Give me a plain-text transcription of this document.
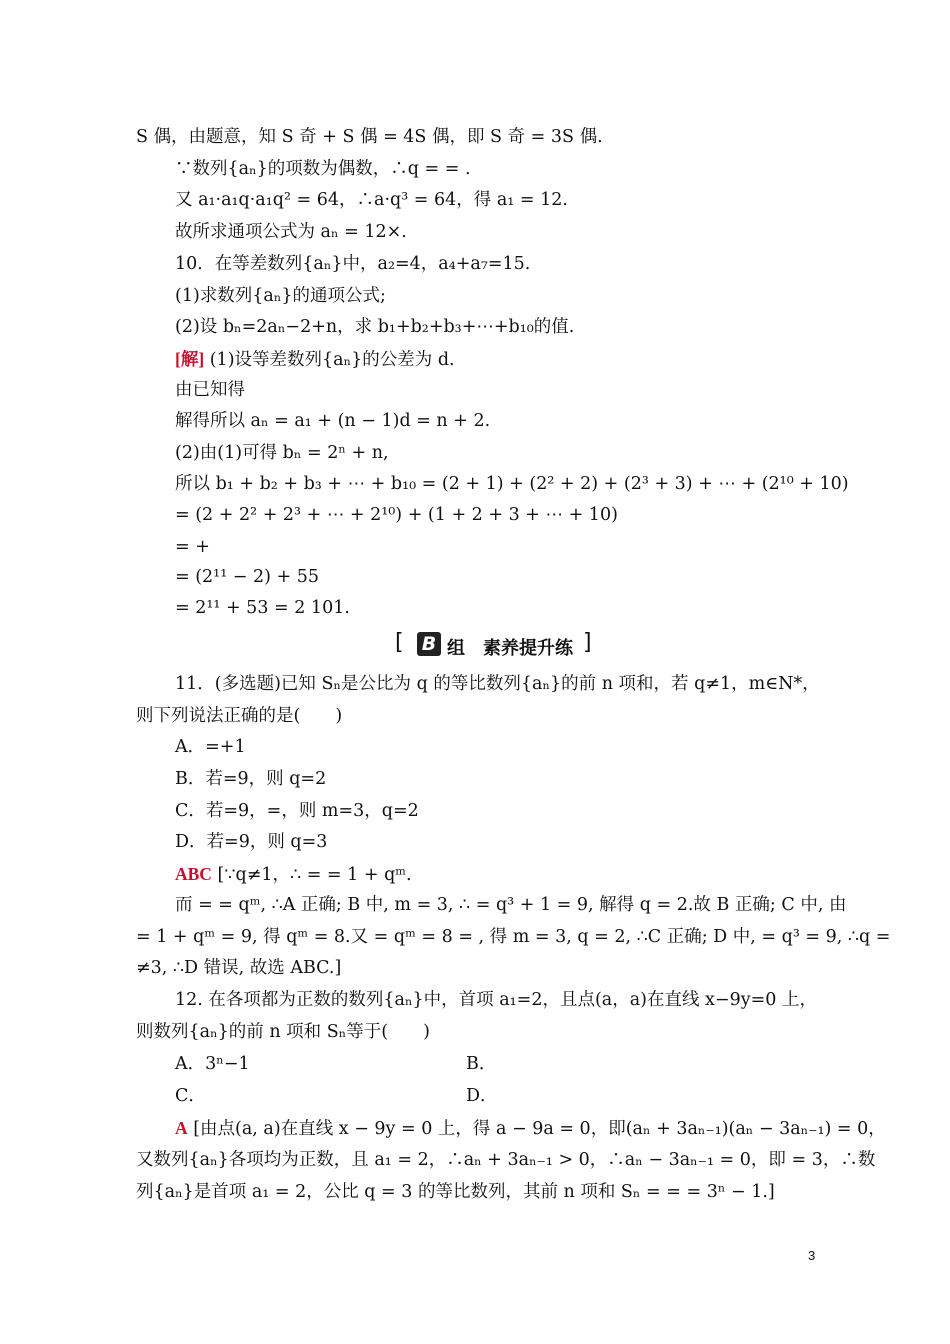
S 偶，由题意，知 S 奇 + S 偶 = 4S 偶，即 S 奇 = 3S 偶.
∵数列{aₙ}的项数为偶数，∴q = = .
又 a₁·a₁q·a₁q² = 64，∴a·q³ = 64，得 a₁ = 12.
故所求通项公式为 aₙ = 12×.
10．在等差数列{aₙ}中，a₂=4，a₄+a₇=15.
(1)求数列{aₙ}的通项公式;
(2)设 bₙ=2aₙ−2+n，求 b₁+b₂+b₃+⋯+b₁₀的值.
[解] (1)设等差数列{aₙ}的公差为 d.
由已知得
解得所以 aₙ = a₁ + (n − 1)d = n + 2.
(2)由(1)可得 bₙ = 2ⁿ + n,
所以 b₁ + b₂ + b₃ + ⋯ + b₁₀ = (2 + 1) + (2² + 2) + (2³ + 3) + ⋯ + (2¹⁰ + 10)
= (2 + 2² + 2³ + ⋯ + 2¹⁰) + (1 + 2 + 3 + ⋯ + 10)
= +
= (2¹¹ − 2) + 55
= 2¹¹ + 53 = 2 101.
[ B 组　素养提升练 ]
11．(多选题)已知 Sₙ是公比为 q 的等比数列{aₙ}的前 n 项和，若 q≠1，m∈N*，
则下列说法正确的是(　　)
A．=+1
B．若=9，则 q=2
C．若=9，=，则 m=3，q=2
D．若=9，则 q=3
ABC [∵q≠1，∴ = = 1 + qᵐ.
而 = = qᵐ, ∴A 正确; B 中, m = 3, ∴ = q³ + 1 = 9, 解得 q = 2.故 B 正确; C 中, 由
= 1 + qᵐ = 9, 得 qᵐ = 8.又 = qᵐ = 8 = , 得 m = 3, q = 2, ∴C 正确; D 中, = q³ = 9, ∴q =
≠3, ∴D 错误, 故选 ABC.]
12. 在各项都为正数的数列{aₙ}中，首项 a₁=2，且点(a，a)在直线 x−9y=0 上，
则数列{aₙ}的前 n 项和 Sₙ等于(　　)
A．3ⁿ−1	B．
C．	D．
A [由点(a, a)在直线 x − 9y = 0 上，得 a − 9a = 0，即(aₙ + 3aₙ₋₁)(aₙ − 3aₙ₋₁) = 0，
又数列{aₙ}各项均为正数，且 a₁ = 2，∴aₙ + 3aₙ₋₁ > 0，∴aₙ − 3aₙ₋₁ = 0，即 = 3，∴数
列{aₙ}是首项 a₁ = 2，公比 q = 3 的等比数列，其前 n 项和 Sₙ = = = 3ⁿ − 1.]
3
